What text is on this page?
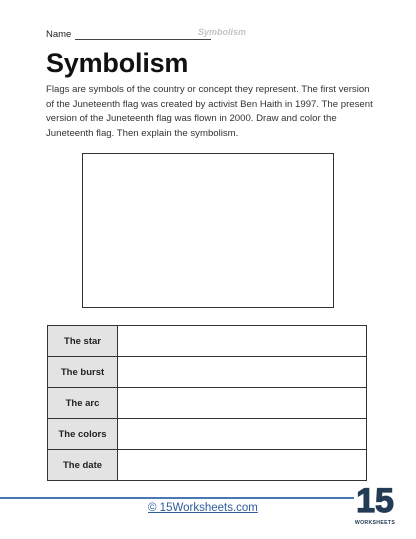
Name	Symbolism
Symbolism

Flags are symbols of the country or concept they represent. The first version of the Juneteenth flag was created by activist Ben Haith in 1997. The present version of the Juneteenth flag was flown in 2000. Draw and color the Juneteenth flag. Then explain the symbolism.

The star	
The burst	
The arc	
The colors	
The date	
© 15Worksheets.com	15
WORKSHEETS
